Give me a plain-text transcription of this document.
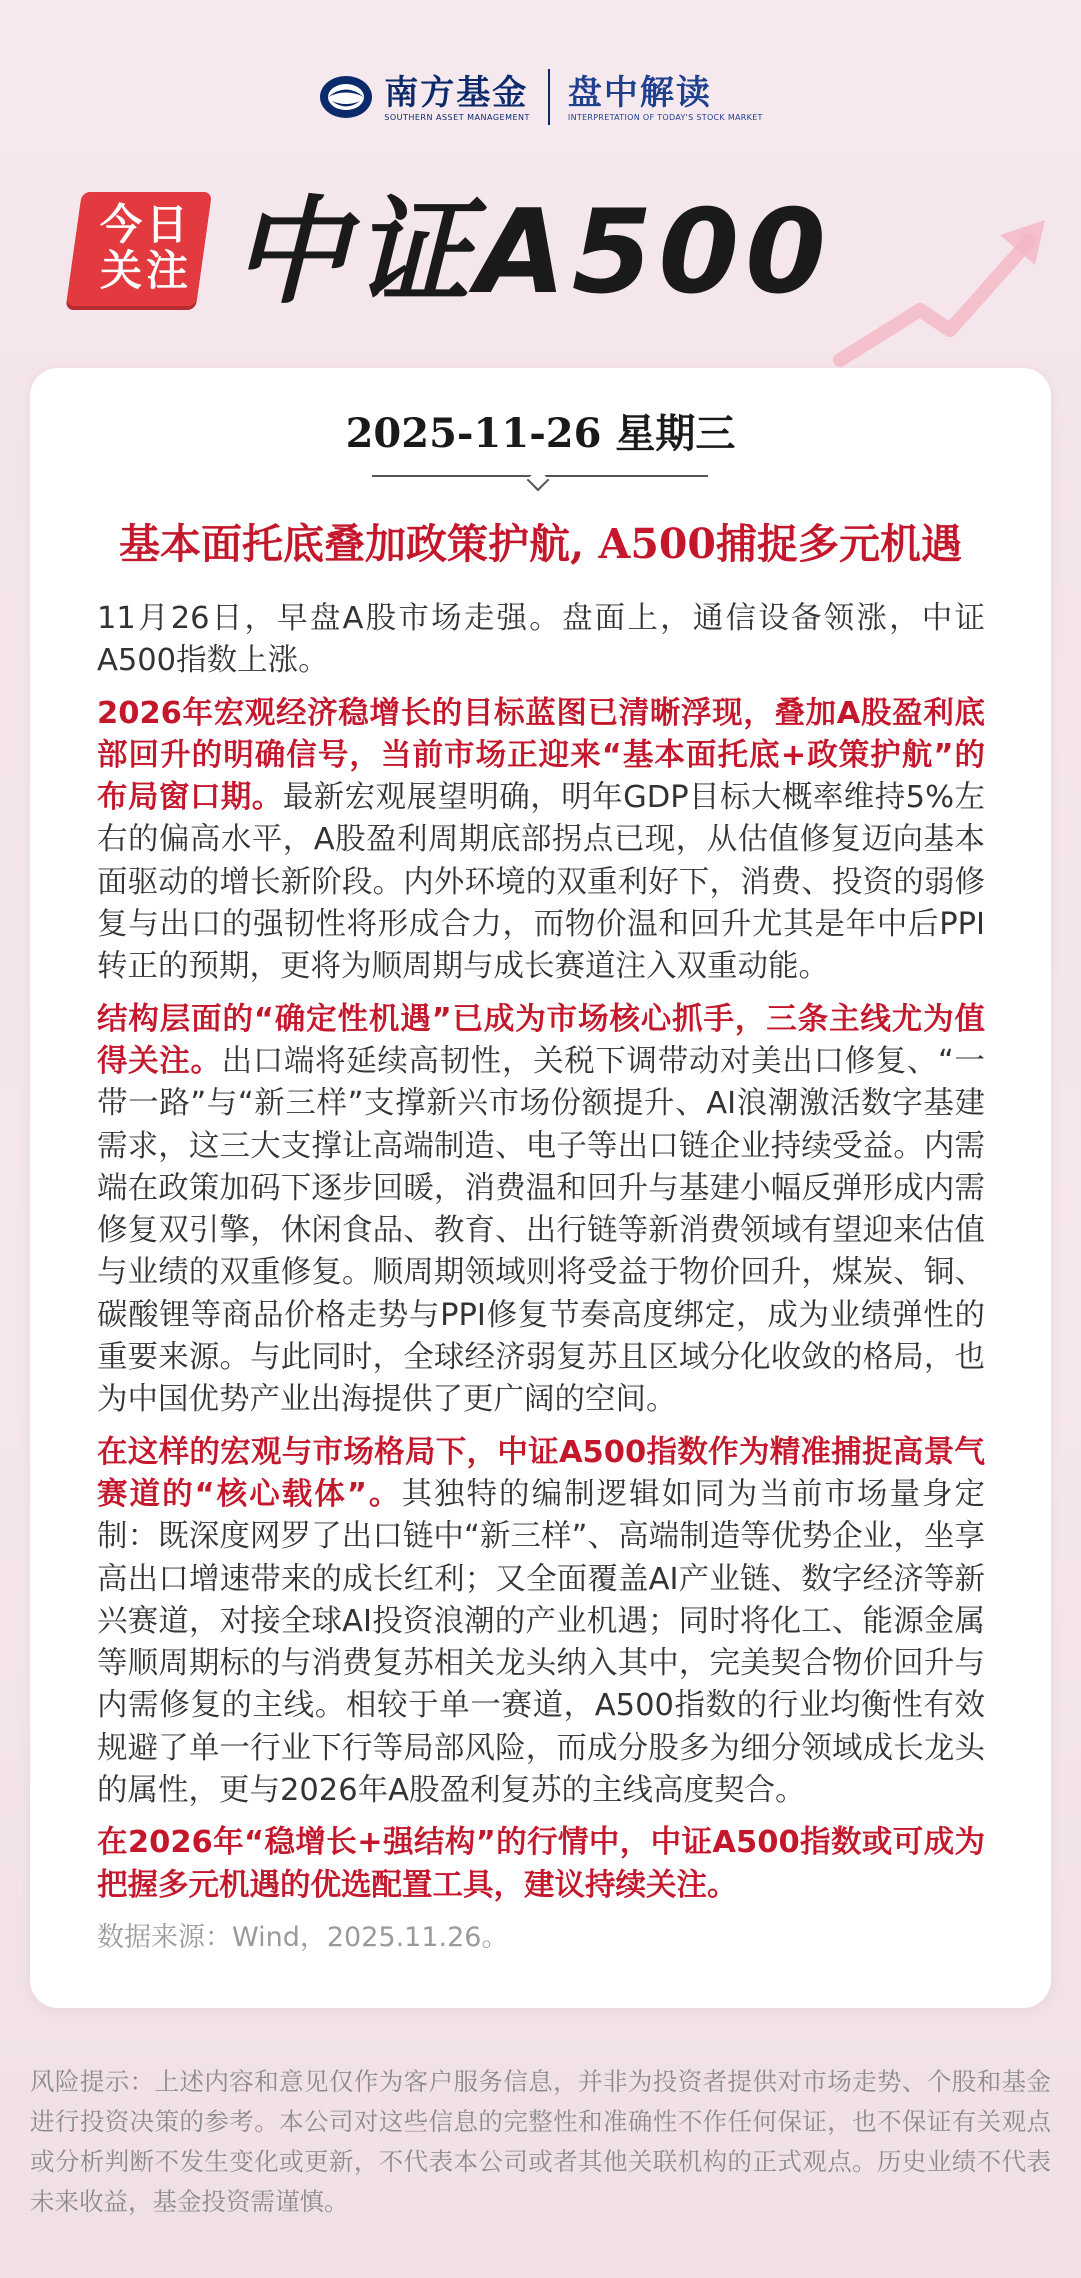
南方基金
SOUTHERN ASSET MANAGEMENT
盘中解读
INTERPRETATION OF TODAY'S STOCK MARKET
今日关注 中证A500
2025-11-26 星期三
基本面托底叠加政策护航, A500捕捉多元机遇

11月26日，早盘A股市场走强。盘面上，通信设备领涨，中证A500指数上涨。

2026年宏观经济稳增长的目标蓝图已清晰浮现，叠加A股盈利底部回升的明确信号，当前市场正迎来“基本面托底+政策护航”的布局窗口期。最新宏观展望明确，明年GDP目标大概率维持5%左右的偏高水平，A股盈利周期底部拐点已现，从估值修复迈向基本面驱动的增长新阶段。内外环境的双重利好下，消费、投资的弱修复与出口的强韧性将形成合力，而物价温和回升尤其是年中后PPI转正的预期，更将为顺周期与成长赛道注入双重动能。

结构层面的“确定性机遇”已成为市场核心抓手，三条主线尤为值得关注。出口端将延续高韧性，关税下调带动对美出口修复、“一带一路”与“新三样”支撑新兴市场份额提升、AI浪潮激活数字基建需求，这三大支撑让高端制造、电子等出口链企业持续受益。内需端在政策加码下逐步回暖，消费温和回升与基建小幅反弹形成内需修复双引擎，休闲食品、教育、出行链等新消费领域有望迎来估值与业绩的双重修复。顺周期领域则将受益于物价回升，煤炭、铜、碳酸锂等商品价格走势与PPI修复节奏高度绑定，成为业绩弹性的重要来源。与此同时，全球经济弱复苏且区域分化收敛的格局，也为中国优势产业出海提供了更广阔的空间。

在这样的宏观与市场格局下，中证A500指数作为精准捕捉高景气赛道的“核心载体”。其独特的编制逻辑如同为当前市场量身定制：既深度网罗了出口链中“新三样”、高端制造等优势企业，坐享高出口增速带来的成长红利；又全面覆盖AI产业链、数字经济等新兴赛道，对接全球AI投资浪潮的产业机遇；同时将化工、能源金属等顺周期标的与消费复苏相关龙头纳入其中，完美契合物价回升与内需修复的主线。相较于单一赛道，A500指数的行业均衡性有效规避了单一行业下行等局部风险，而成分股多为细分领域成长龙头的属性，更与2026年A股盈利复苏的主线高度契合。

在2026年“稳增长+强结构”的行情中，中证A500指数或可成为把握多元机遇的优选配置工具，建议持续关注。

数据来源：Wind，2025.11.26。
风险提示：上述内容和意见仅作为客户服务信息，并非为投资者提供对市场走势、个股和基金进行投资决策的参考。本公司对这些信息的完整性和准确性不作任何保证，也不保证有关观点或分析判断不发生变化或更新，不代表本公司或者其他关联机构的正式观点。历史业绩不代表未来收益，基金投资需谨慎。
